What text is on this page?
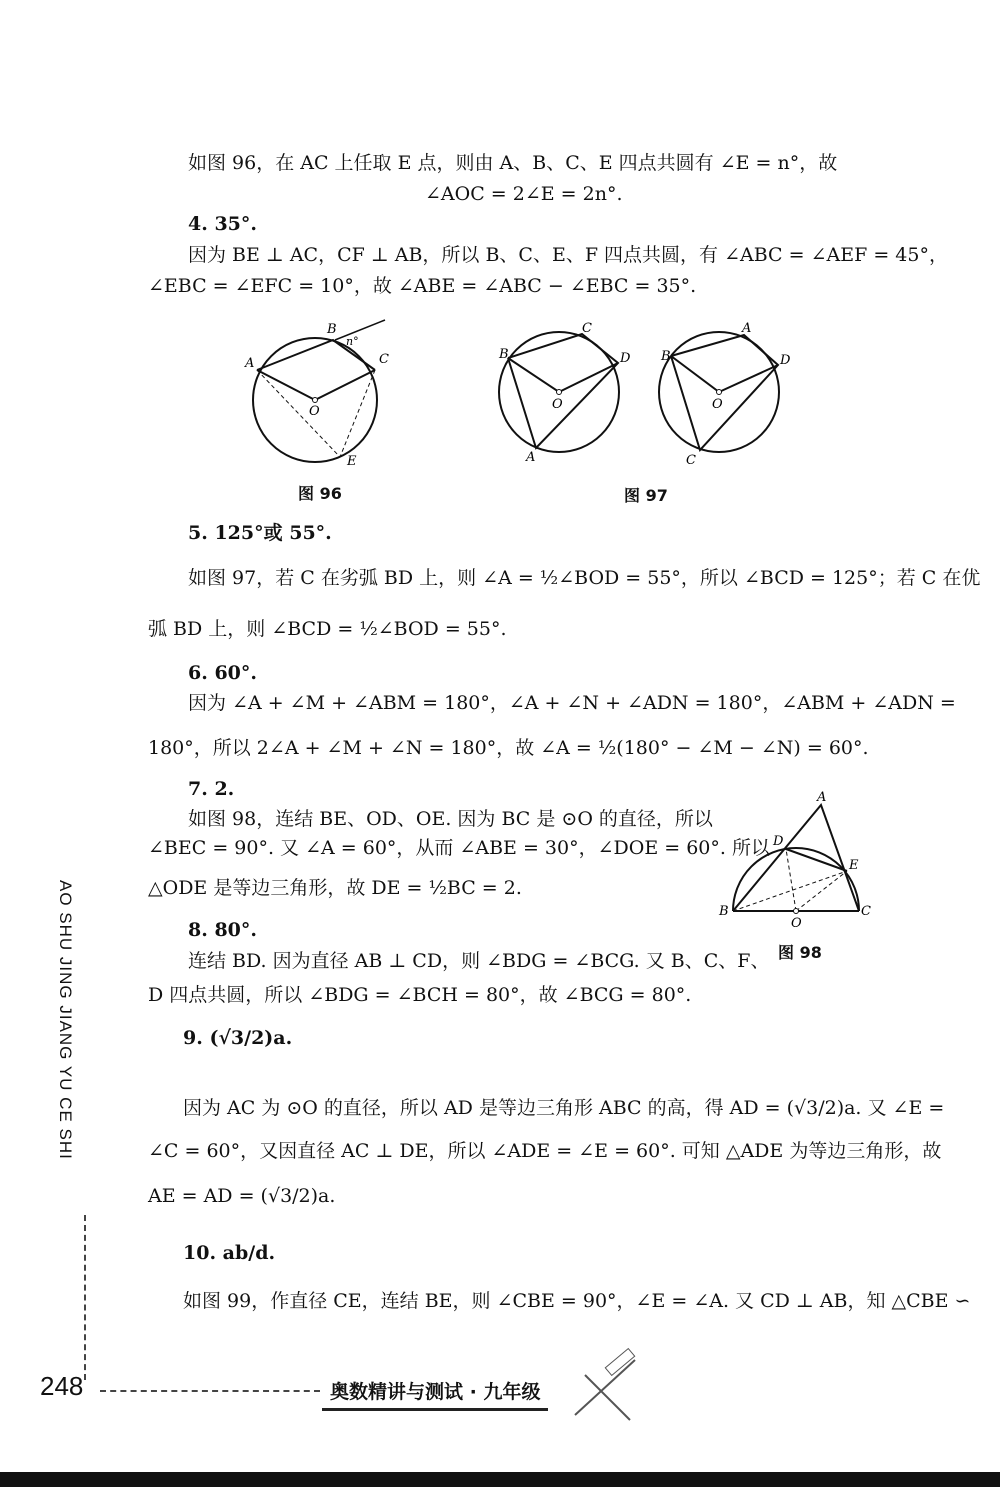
如图 96，在 AC 上任取 E 点，则由 A、B、C、E 四点共圆有 ∠E = n°，故
∠AOC = 2∠E = 2n°.
4. 35°.
因为 BE ⊥ AC，CF ⊥ AB，所以 B、C、E、F 四点共圆，有 ∠ABC = ∠AEF = 45°，
∠EBC = ∠EFC = 10°，故 ∠ABE = ∠ABC − ∠EBC = 35°.
A
B
C
E
O
n°
图 96
B
C
D
A
O
B
A
D
C
O
图 97
5. 125°或 55°.
如图 97，若 C 在劣弧 BD 上，则 ∠A = ½∠BOD = 55°，所以 ∠BCD = 125°；若 C 在优
弧 BD 上，则 ∠BCD = ½∠BOD = 55°.
6. 60°.
因为 ∠A + ∠M + ∠ABM = 180°，∠A + ∠N + ∠ADN = 180°，∠ABM + ∠ADN =
180°，所以 2∠A + ∠M + ∠N = 180°，故 ∠A = ½(180° − ∠M − ∠N) = 60°.
7. 2.
如图 98，连结 BE、OD、OE. 因为 BC 是 ⊙O 的直径，所以
∠BEC = 90°. 又 ∠A = 60°，从而 ∠ABE = 30°，∠DOE = 60°. 所以
△ODE 是等边三角形，故 DE = ½BC = 2.
8. 80°.
连结 BD. 因为直径 AB ⊥ CD，则 ∠BDG = ∠BCG. 又 B、C、F、
D 四点共圆，所以 ∠BDG = ∠BCH = 80°，故 ∠BCG = 80°.
A
D
E
B
O
C
图 98
9. (√3/2)a.
因为 AC 为 ⊙O 的直径，所以 AD 是等边三角形 ABC 的高，得 AD = (√3/2)a. 又 ∠E =
∠C = 60°，又因直径 AC ⊥ DE，所以 ∠ADE = ∠E = 60°. 可知 △ADE 为等边三角形，故
AE = AD = (√3/2)a.
10. ab/d.
如图 99，作直径 CE，连结 BE，则 ∠CBE = 90°，∠E = ∠A. 又 CD ⊥ AB，知 △CBE ∽
AO SHU JING JIANG YU CE SHI
248	奥数精讲与测试 · 九年级
